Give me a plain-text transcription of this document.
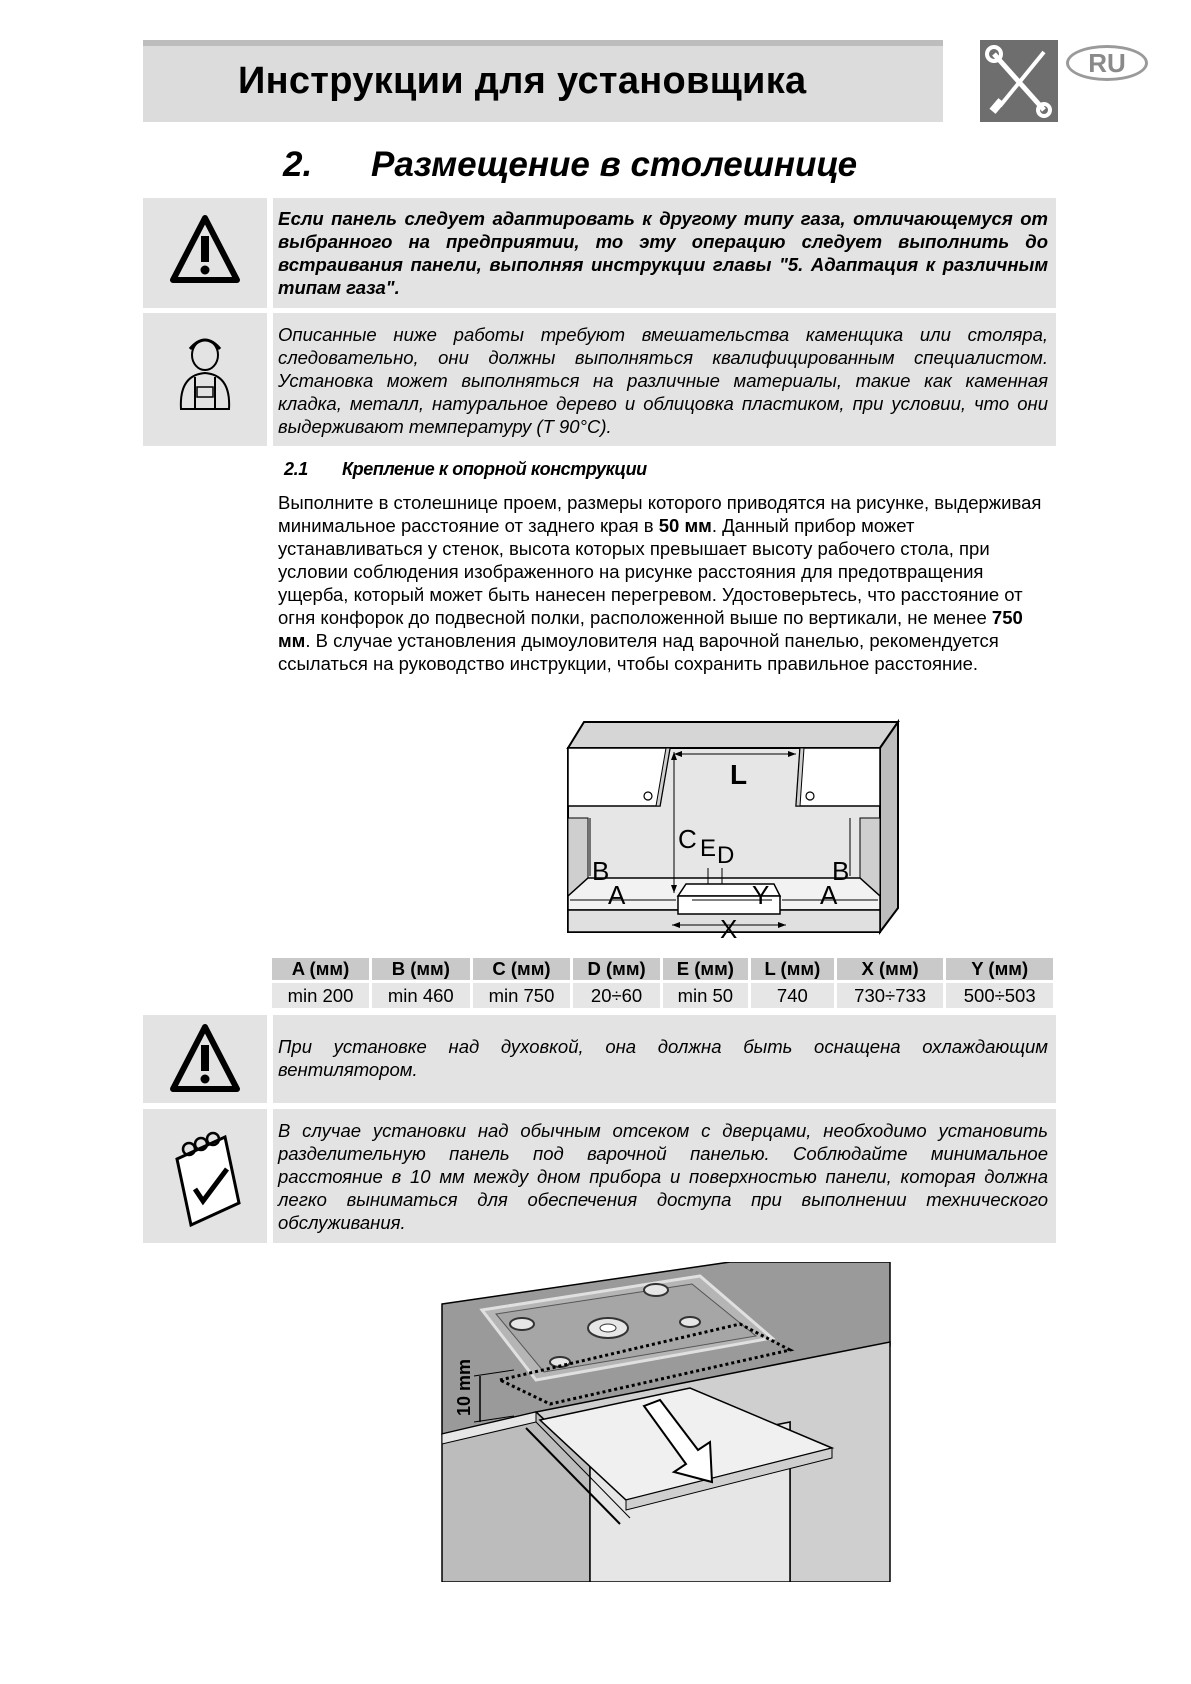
Инструкции для установщика	RU
2. Размещение в столешнице
Если панель следует адаптировать к другому типу газа, отличающемуся от выбранного на предприятии, то эту операцию следует выполнить до встраивания панели, выполняя инструкции главы "5. Адаптация к различным типам газа".
Описанные ниже работы требуют вмешательства каменщика или столяра, следовательно, они должны выполняться квалифицированным специалистом. Установка может выполняться на различные материалы, такие как каменная кладка, металл, натуральное дерево и облицовка пластиком, при условии, что они выдерживают температуру (Т 90°С).
2.1 Крепление к опорной конструкции
Выполните в столешнице проем, размеры которого приводятся на рисунке, выдерживая минимальное расстояние от заднего края в 50 мм. Данный прибор может устанавливаться у стенок, высота которых превышает высоту рабочего стола, при условии соблюдения изображенного на рисунке расстояния для предотвращения ущерба, который может быть нанесен перегревом. Удостоверьтесь, что расстояние от огня конфорок до подвесной полки, расположенной выше по вертикали, не менее 750 мм. В случае установления дымоуловителя над варочной панелью, рекомендуется ссылаться на руководство инструкции, чтобы сохранить правильное расстояние.
L
C E D
B	B
A	A
Y
X
A (мм)	B (мм)	C (мм)	D (мм)	E (мм)	L (мм)	X (мм)	Y (мм)
min 200	min 460	min 750	20÷60	min 50	740	730÷733	500÷503
При установке над духовкой, она должна быть оснащена охлаждающим вентилятором.
В случае установки над обычным отсеком с дверцами, необходимо установить разделительную панель под варочной панелью. Соблюдайте минимальное расстояние в 10 мм между дном прибора и поверхностью панели, которая должна легко выниматься для обеспечения доступа при выполнении технического обслуживания.
10 mm
